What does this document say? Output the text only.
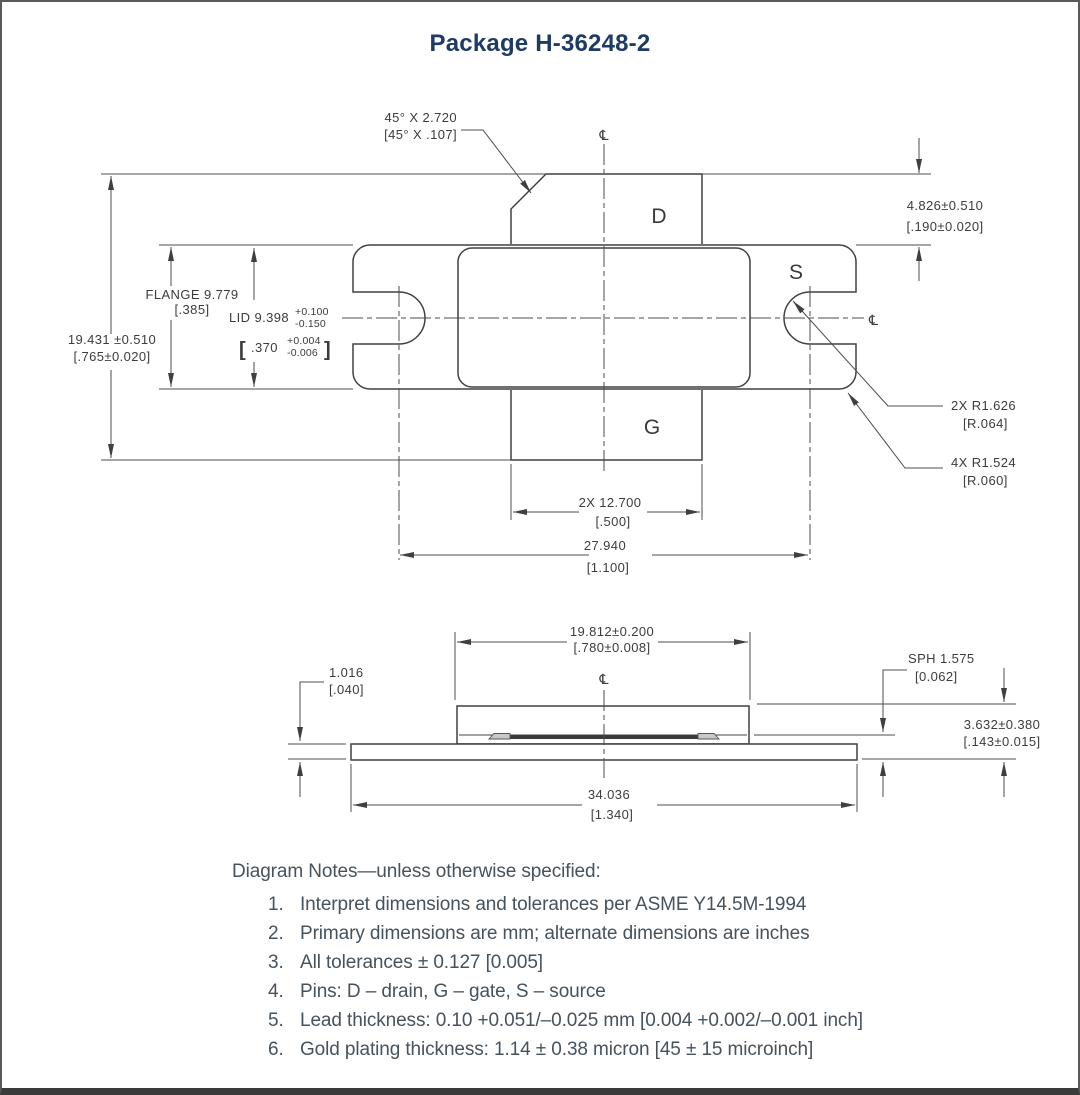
Package H-36248-2
℄
℄
D
G
S
19.431 ±0.510
[.765±0.020]
FLANGE 9.779
[.385]
LID 9.398 +0.100
-0.150
[ .370 +0.004
-0.006 ]
4.826±0.510
[.190±0.020]
45° X 2.720
[45° X .107]
2X R1.626
[R.064]
4X R1.524
[R.060]
2X 12.700
[.500]
27.940
[1.100]
℄
19.812±0.200
[.780±0.008]
1.016
[.040]
SPH 1.575
[0.062]
3.632±0.380
[.143±0.015]
34.036
[1.340]
Diagram Notes—unless otherwise specified:
1. Interpret dimensions and tolerances per ASME Y14.5M-1994
2. Primary dimensions are mm; alternate dimensions are inches
3. All tolerances ± 0.127 [0.005]
4. Pins: D – drain, G – gate, S – source
5. Lead thickness: 0.10 +0.051/–0.025 mm [0.004 +0.002/–0.001 inch]
6. Gold plating thickness: 1.14 ± 0.38 micron [45 ± 15 microinch]
